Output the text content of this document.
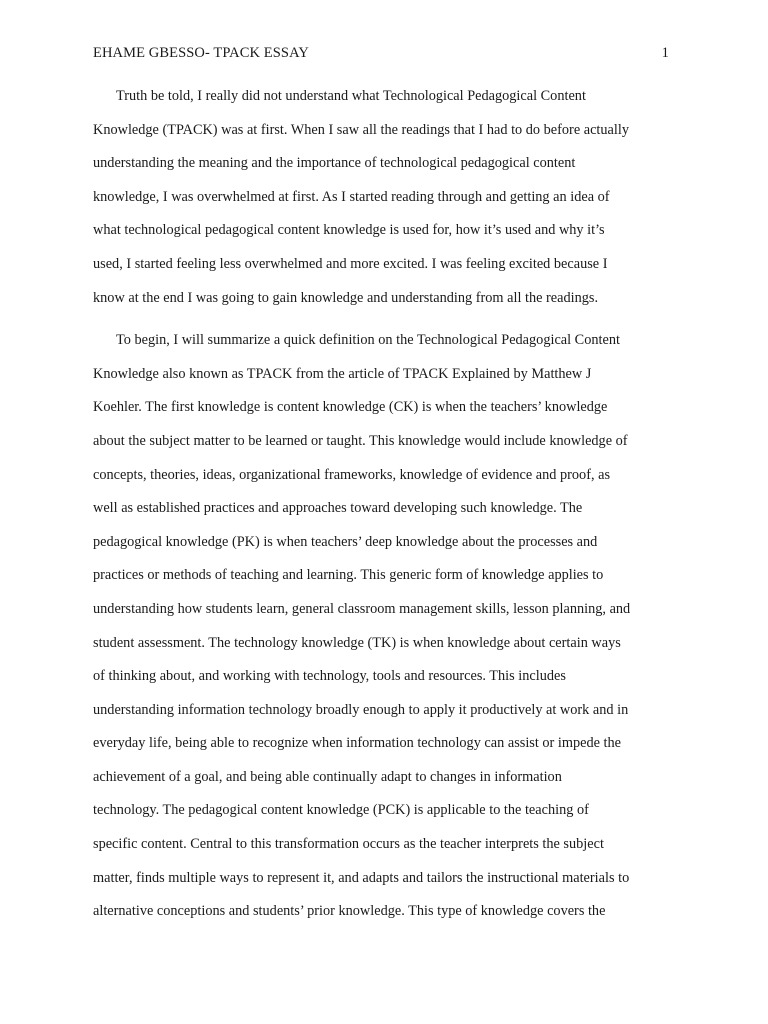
EHAME GBESSO- TPACK ESSAY	1
Truth be told, I really did not understand what Technological Pedagogical Content
Knowledge (TPACK) was at first. When I saw all the readings that I had to do before actually
understanding the meaning and the importance of technological pedagogical content
knowledge, I was overwhelmed at first. As I started reading through and getting an idea of
what technological pedagogical content knowledge is used for, how it’s used and why it’s
used, I started feeling less overwhelmed and more excited. I was feeling excited because I
know at the end I was going to gain knowledge and understanding from all the readings.
To begin, I will summarize a quick definition on the Technological Pedagogical Content
Knowledge also known as TPACK from the article of TPACK Explained by Matthew J
Koehler. The first knowledge is content knowledge (CK) is when the teachers’ knowledge
about the subject matter to be learned or taught. This knowledge would include knowledge of
concepts, theories, ideas, organizational frameworks, knowledge of evidence and proof, as
well as established practices and approaches toward developing such knowledge. The
pedagogical knowledge (PK) is when teachers’ deep knowledge about the processes and
practices or methods of teaching and learning. This generic form of knowledge applies to
understanding how students learn, general classroom management skills, lesson planning, and
student assessment. The technology knowledge (TK) is when knowledge about certain ways
of thinking about, and working with technology, tools and resources. This includes
understanding information technology broadly enough to apply it productively at work and in
everyday life, being able to recognize when information technology can assist or impede the
achievement of a goal, and being able continually adapt to changes in information
technology. The pedagogical content knowledge (PCK) is applicable to the teaching of
specific content. Central to this transformation occurs as the teacher interprets the subject
matter, finds multiple ways to represent it, and adapts and tailors the instructional materials to
alternative conceptions and students’ prior knowledge. This type of knowledge covers the
